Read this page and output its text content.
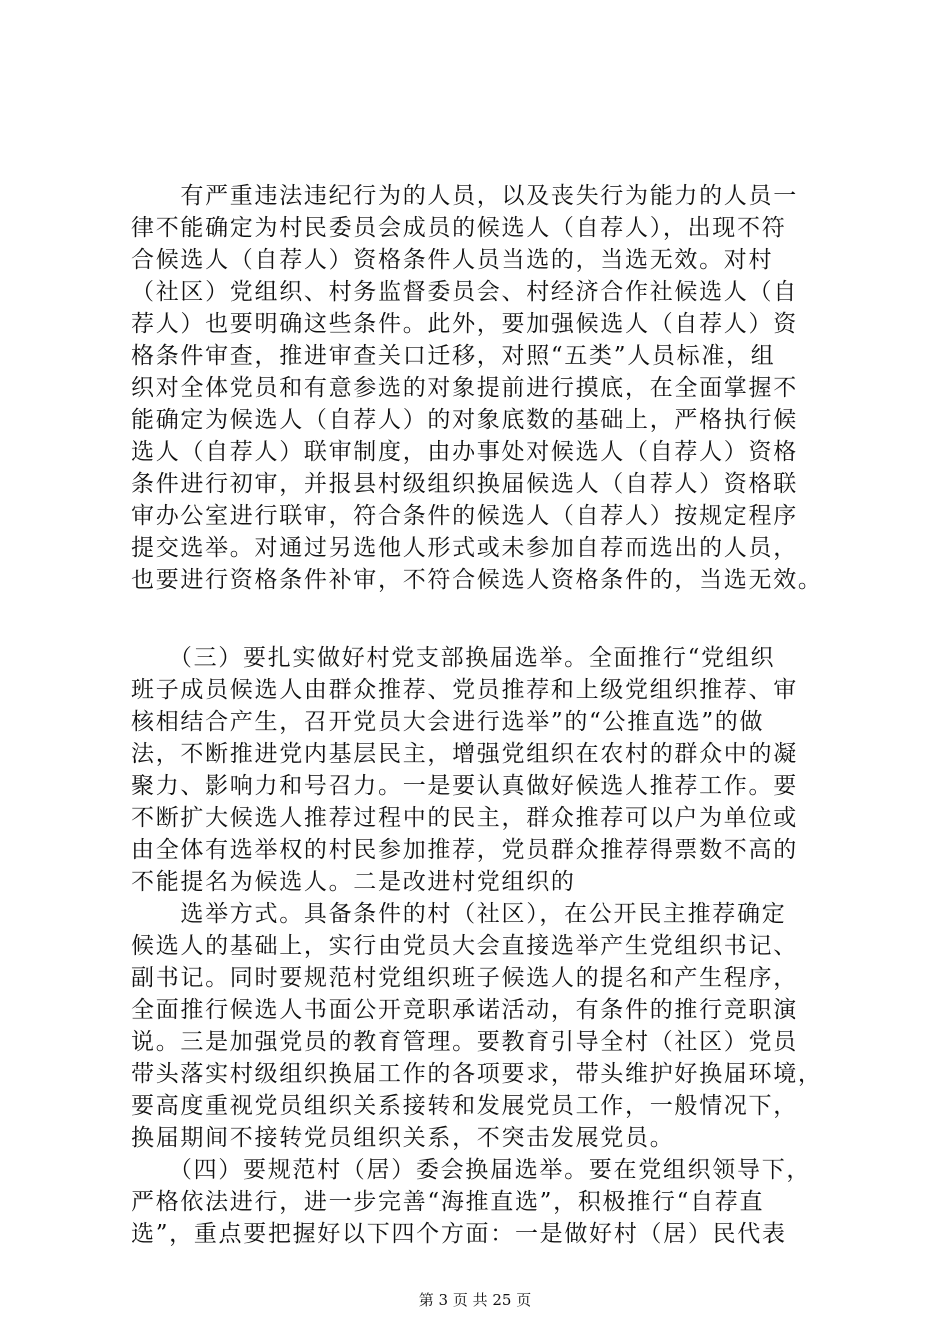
　　有严重违法违纪行为的人员，以及丧失行为能力的人员一
律不能确定为村民委员会成员的候选人（自荐人），出现不符
合候选人（自荐人）资格条件人员当选的，当选无效。对村
（社区）党组织、村务监督委员会、村经济合作社候选人（自
荐人）也要明确这些条件。此外，要加强候选人（自荐人）资
格条件审查，推进审查关口迁移，对照“五类”人员标准，组
织对全体党员和有意参选的对象提前进行摸底，在全面掌握不
能确定为候选人（自荐人）的对象底数的基础上，严格执行候
选人（自荐人）联审制度，由办事处对候选人（自荐人）资格
条件进行初审，并报县村级组织换届候选人（自荐人）资格联
审办公室进行联审，符合条件的候选人（自荐人）按规定程序
提交选举。对通过另选他人形式或未参加自荐而选出的人员，
也要进行资格条件补审，不符合候选人资格条件的，当选无效。
　　（三）要扎实做好村党支部换届选举。全面推行“党组织
班子成员候选人由群众推荐、党员推荐和上级党组织推荐、审
核相结合产生，召开党员大会进行选举”的“公推直选”的做
法，不断推进党内基层民主，增强党组织在农村的群众中的凝
聚力、影响力和号召力。一是要认真做好候选人推荐工作。要
不断扩大候选人推荐过程中的民主，群众推荐可以户为单位或
由全体有选举权的村民参加推荐，党员群众推荐得票数不高的
不能提名为候选人。二是改进村党组织的
　　选举方式。具备条件的村（社区），在公开民主推荐确定
候选人的基础上，实行由党员大会直接选举产生党组织书记、
副书记。同时要规范村党组织班子候选人的提名和产生程序，
全面推行候选人书面公开竞职承诺活动，有条件的推行竞职演
说。三是加强党员的教育管理。要教育引导全村（社区）党员
带头落实村级组织换届工作的各项要求，带头维护好换届环境，
要高度重视党员组织关系接转和发展党员工作，一般情况下，
换届期间不接转党员组织关系，不突击发展党员。
　　（四）要规范村（居）委会换届选举。要在党组织领导下，
严格依法进行，进一步完善“海推直选”，积极推行“自荐直
选”，重点要把握好以下四个方面：一是做好村（居）民代表
第 3 页 共 25 页
